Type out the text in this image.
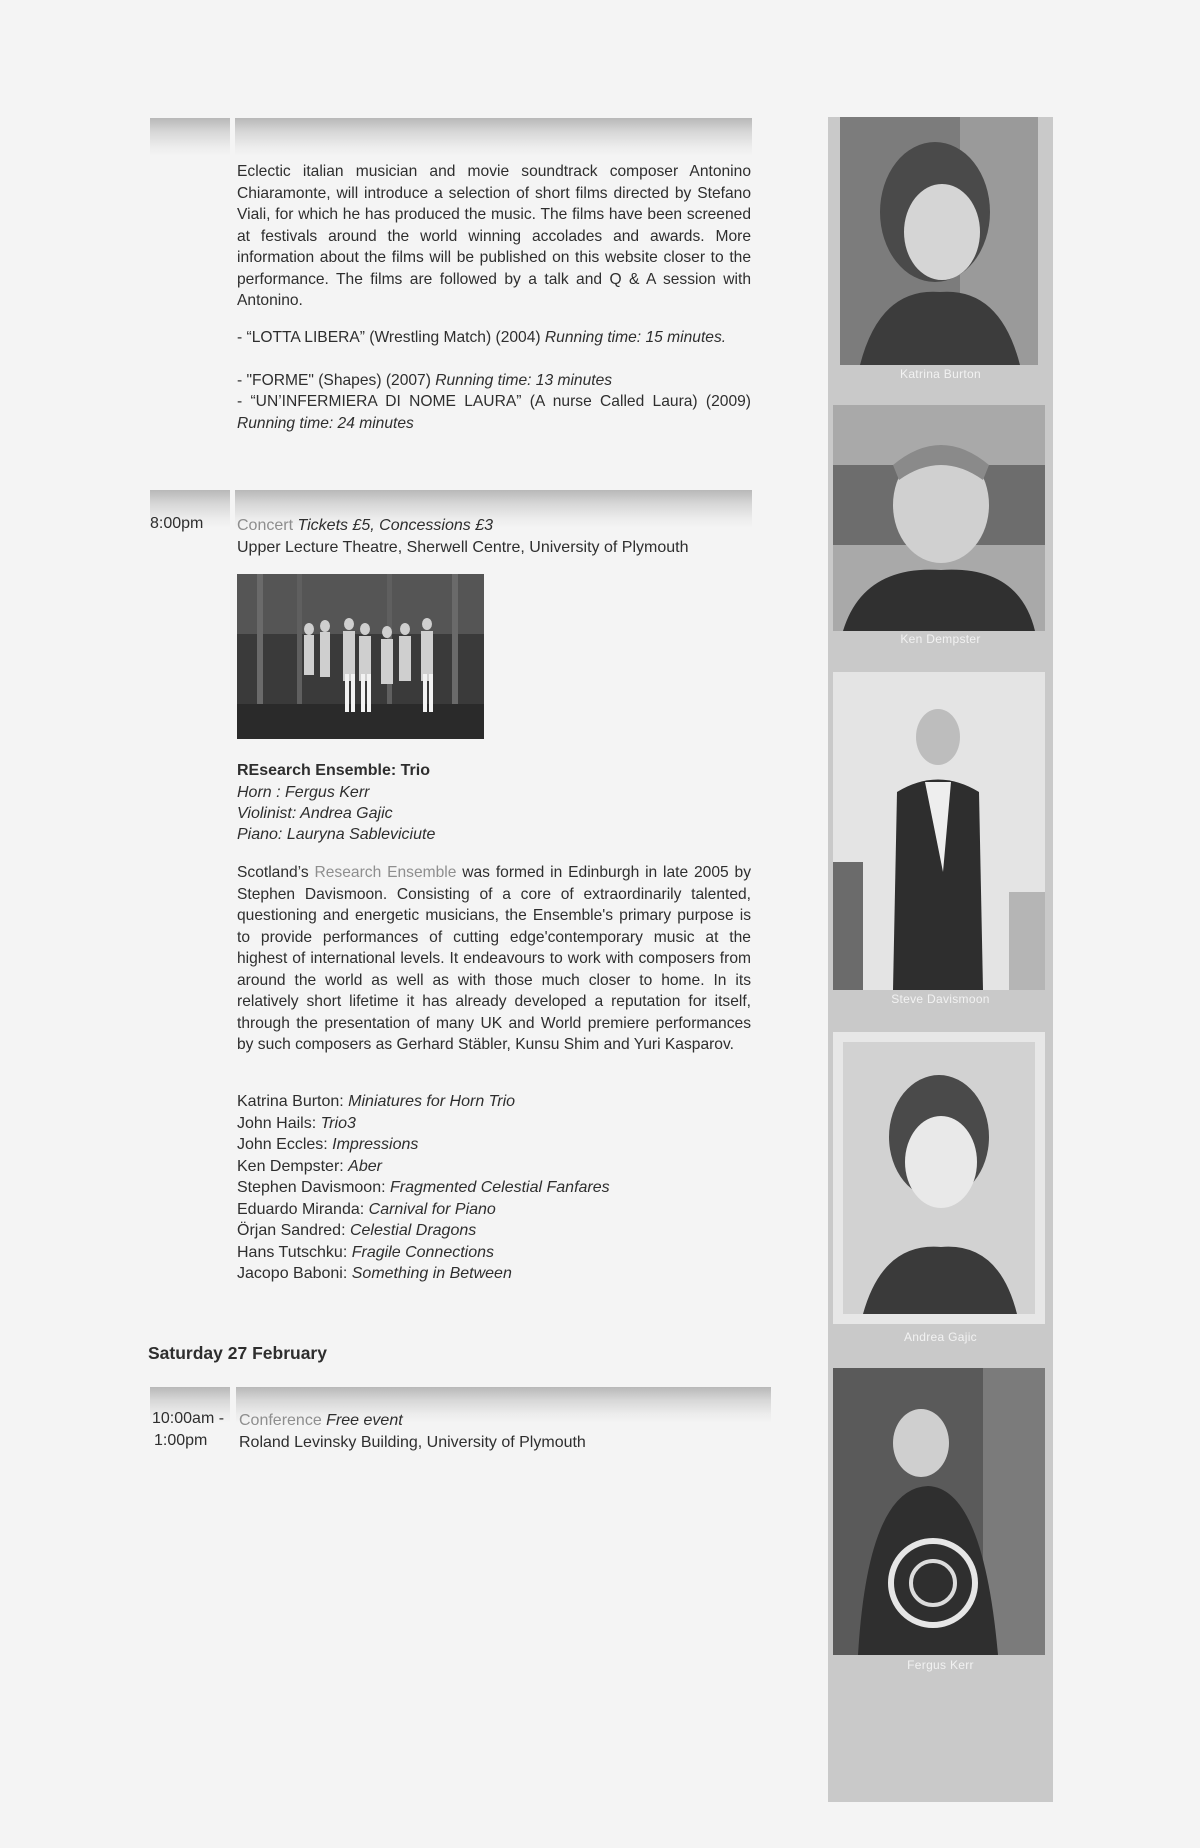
Eclectic italian musician and movie soundtrack composer Antonino Chiaramonte, will introduce a selection of short films directed by Stefano Viali, for which he has produced the music. The films have been screened at festivals around the world winning accolades and awards. More information about the films will be published on this website closer to the performance. The films are followed by a talk and Q & A session with Antonino.
- “LOTTA LIBERA” (Wrestling Match) (2004) Running time: 15 minutes.
- "FORME" (Shapes) (2007) Running time: 13 minutes
- “UN’INFERMIERA DI NOME LAURA” (A nurse Called Laura) (2009) Running time: 24 minutes
8:00pm Concert Tickets £5, Concessions £3
Upper Lecture Theatre, Sherwell Centre, University of Plymouth
REsearch Ensemble: Trio
Horn : Fergus Kerr
Violinist: Andrea Gajic
Piano: Lauryna Sableviciute
Scotland’s Research Ensemble was formed in Edinburgh in late 2005 by Stephen Davismoon. Consisting of a core of extraordinarily talented, questioning and energetic musicians, the Ensemble's primary purpose is to provide performances of cutting edge'contemporary music at the highest of international levels. It endeavours to work with composers from around the world as well as with those much closer to home. In its relatively short lifetime it has already developed a reputation for itself, through the presentation of many UK and World premiere performances by such composers as Gerhard Stäbler, Kunsu Shim and Yuri Kasparov.
Katrina Burton: Miniatures for Horn Trio
John Hails: Trio3
John Eccles: Impressions
Ken Dempster: Aber
Stephen Davismoon: Fragmented Celestial Fanfares
Eduardo Miranda: Carnival for Piano
Örjan Sandred: Celestial Dragons
Hans Tutschku: Fragile Connections
Jacopo Baboni: Something in Between
Saturday 27 February
10:00am -
1:00pm
Conference Free event
Roland Levinsky Building, University of Plymouth
Katrina Burton
Ken Dempster
Steve Davismoon
Andrea Gajic
Fergus Kerr
